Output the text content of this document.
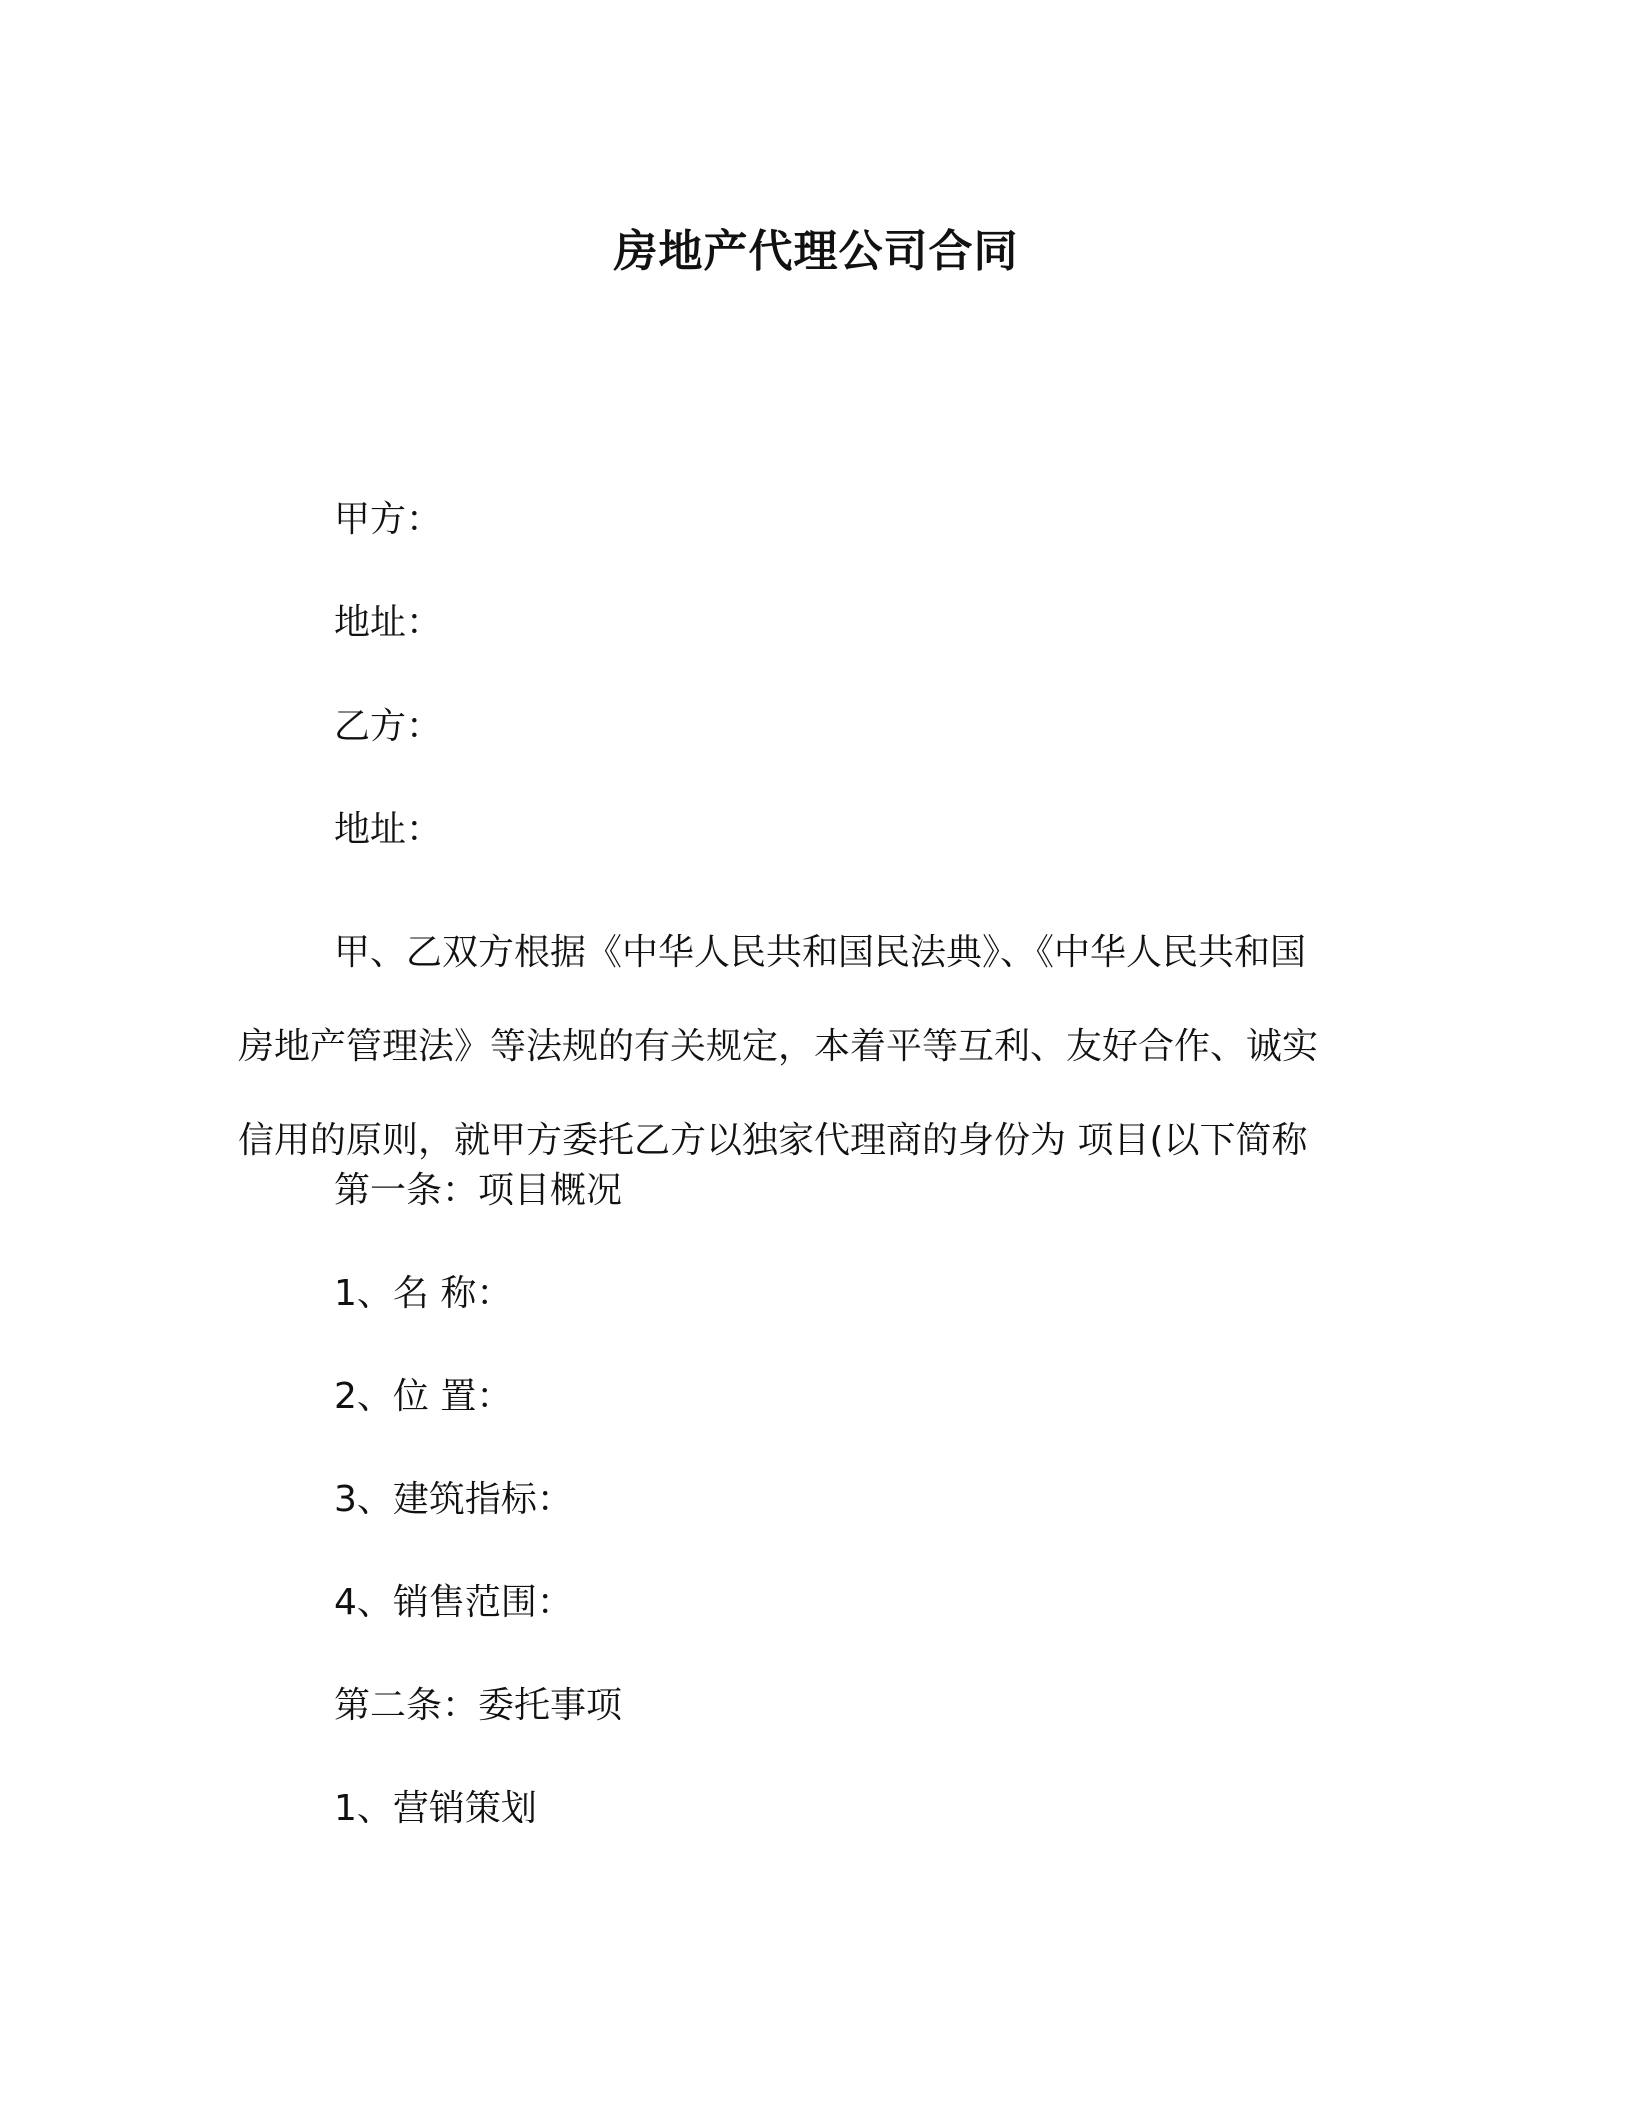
房地产代理公司合同
甲方：
地址：
乙方：
地址：
甲、乙双方根据《中华人民共和国民法典》、《中华人民共和国
房地产管理法》等法规的有关规定，本着平等互利、友好合作、诚实
信用的原则，就甲方委托乙方以独家代理商的身份为 项目(以下简称
第一条：项目概况
1、名 称：
2、位 置：
3、建筑指标：
4、销售范围：
第二条：委托事项
1、营销策划
